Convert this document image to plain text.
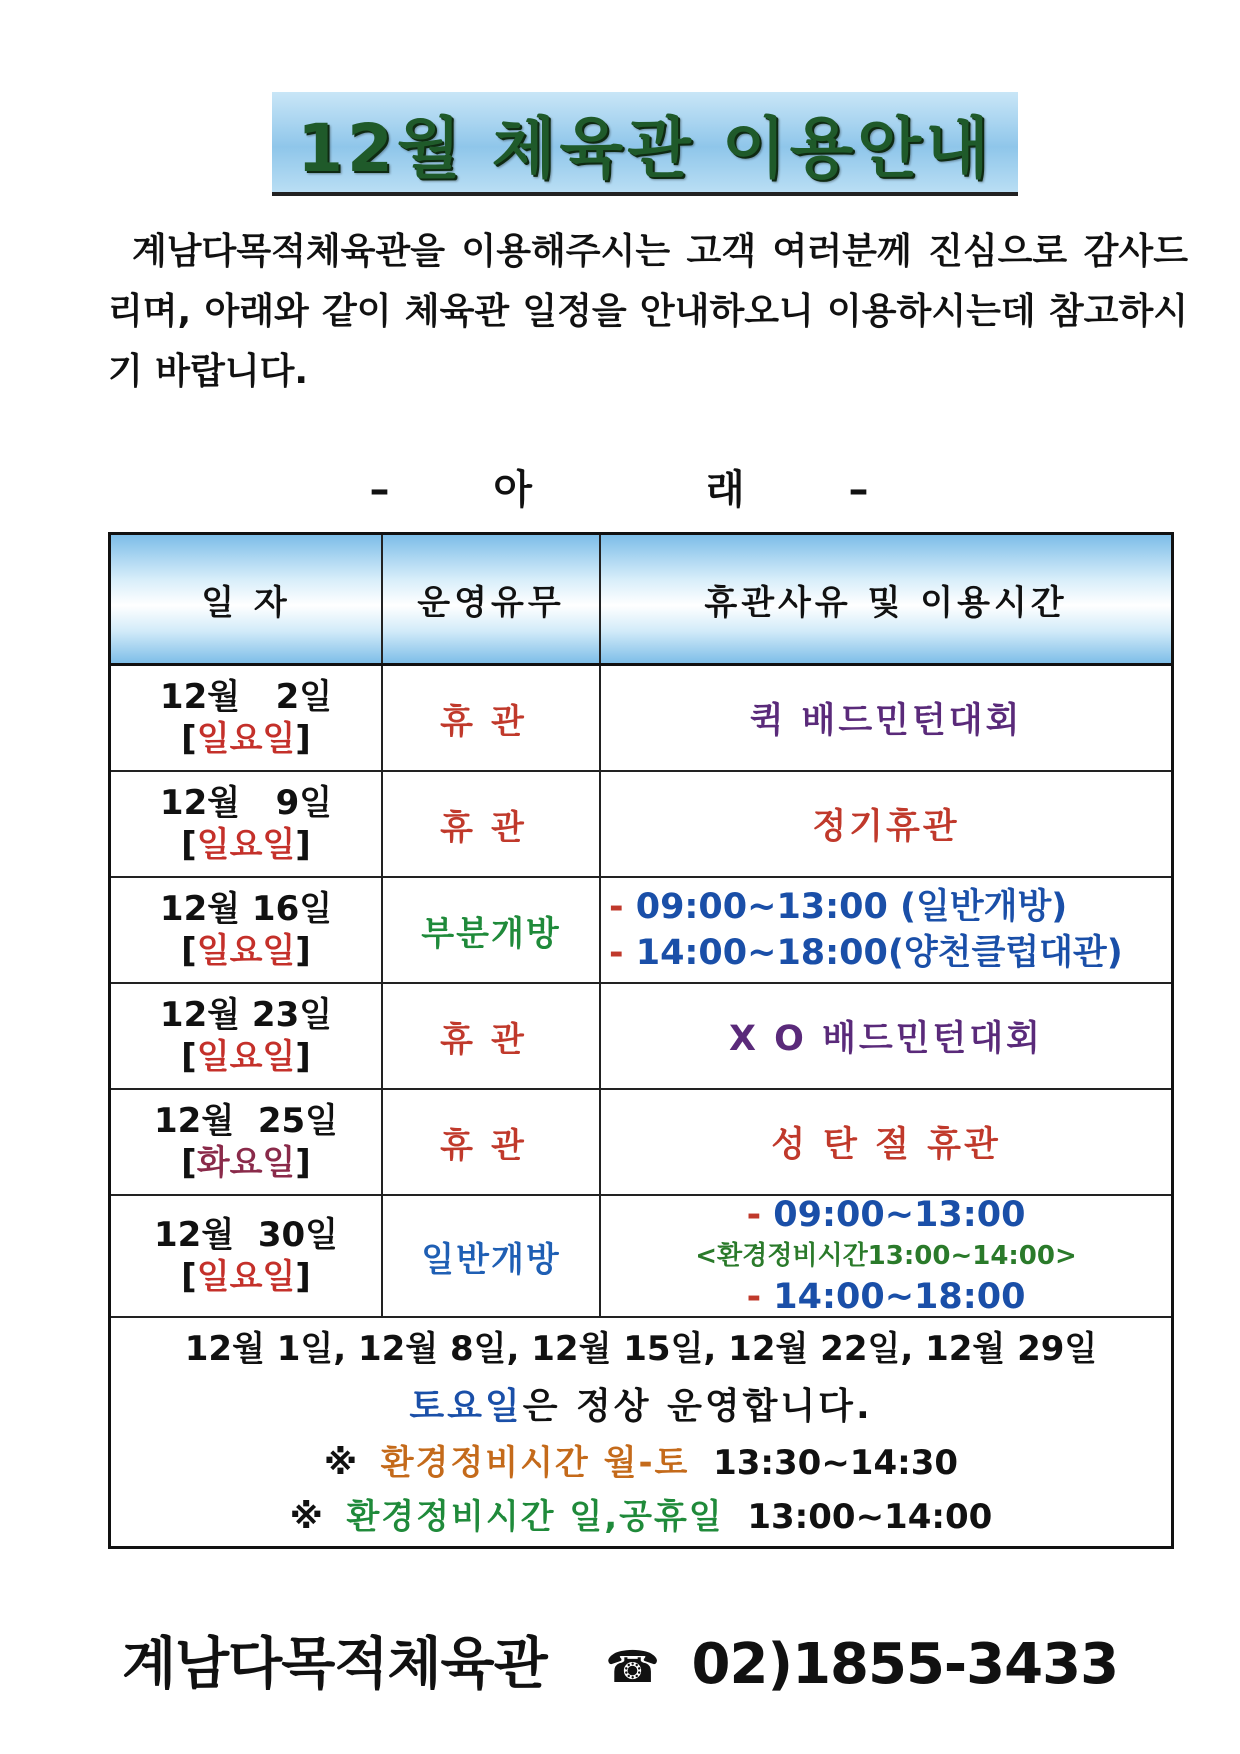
12월 체육관 이용안내
계남다목적체육관을 이용해주시는 고객 여러분께 진심으로 감사드리며, 아래와 같이 체육관 일정을 안내하오니 이용하시는데 참고하시기 바랍니다.
–	아	래	–
일 자	운영유무	휴관사유 및 이용시간
12월   2일
[일요일]	휴관	퀵 배드민턴대회
12월   9일
[일요일]	휴관	정기휴관
12월 16일
[일요일]	부분개방
- 09:00~13:00 (일반개방)
- 14:00~18:00(양천클럽대관)
12월 23일
[일요일]	휴관	X O 배드민턴대회
12월  25일
[화요일]	휴관	성 탄 절 휴관
12월  30일
[일요일]	일반개방
- 09:00~13:00
<환경정비시간13:00~14:00>
- 14:00~18:00
12월 1일, 12월 8일, 12월 15일, 12월 22일, 12월 29일
토요일은 정상 운영합니다.
※ 환경정비시간 월-토 13:30~14:30
※ 환경정비시간 일,공휴일 13:00~14:00
계남다목적체육관 ☎ 02)1855-3433
